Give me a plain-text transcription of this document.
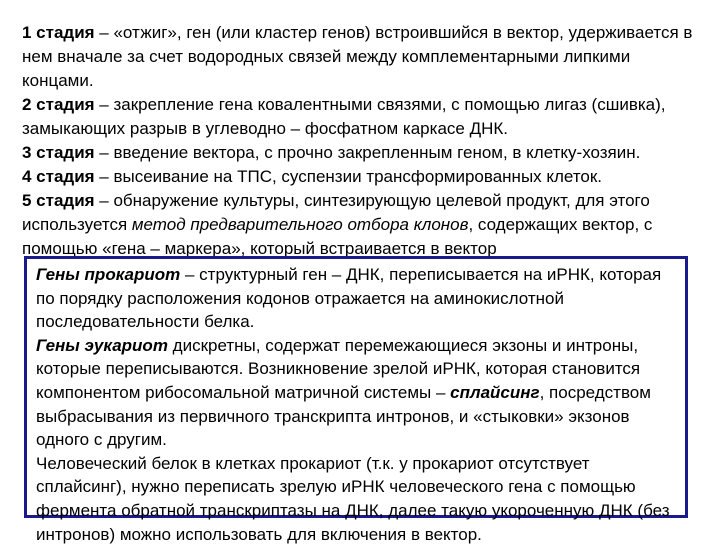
1 стадия – «отжиг», ген (или кластер генов) встроившийся в вектор, удерживается в нем вначале за счет водородных связей между комплементарными липкими концами.

2 стадия – закрепление гена ковалентными связями, с помощью лигаз (сшивка), замыкающих разрыв в углеводно – фосфатном каркасе ДНК.

3 стадия – введение вектора, с прочно закрепленным геном, в клетку-хозяин.

4 стадия – высеивание на ТПС, суспензии трансформированных клеток.

5 стадия – обнаружение культуры, синтезирующую целевой продукт, для этого используется метод предварительного отбора клонов, содержащих вектор, с помощью «гена – маркера», который встраивается в вектор

Гены прокариот – структурный ген – ДНК, переписывается на иРНК, которая по порядку расположения кодонов отражается на аминокислотной последовательности белка.

Гены эукариот дискретны, содержат перемежающиеся экзоны и интроны, которые переписываются. Возникновение зрелой иРНК, которая становится компонентом рибосомальной матричной системы – сплайсинг, посредством выбрасывания из первичного транскрипта интронов, и «стыковки» экзонов одного с другим.

Человеческий белок в клетках прокариот (т.к. у прокариот отсутствует сплайсинг), нужно переписать зрелую иРНК человеческого гена с помощью фермента обратной транскриптазы на ДНК, далее такую укороченную ДНК (без интронов) можно использовать для включения в вектор.
